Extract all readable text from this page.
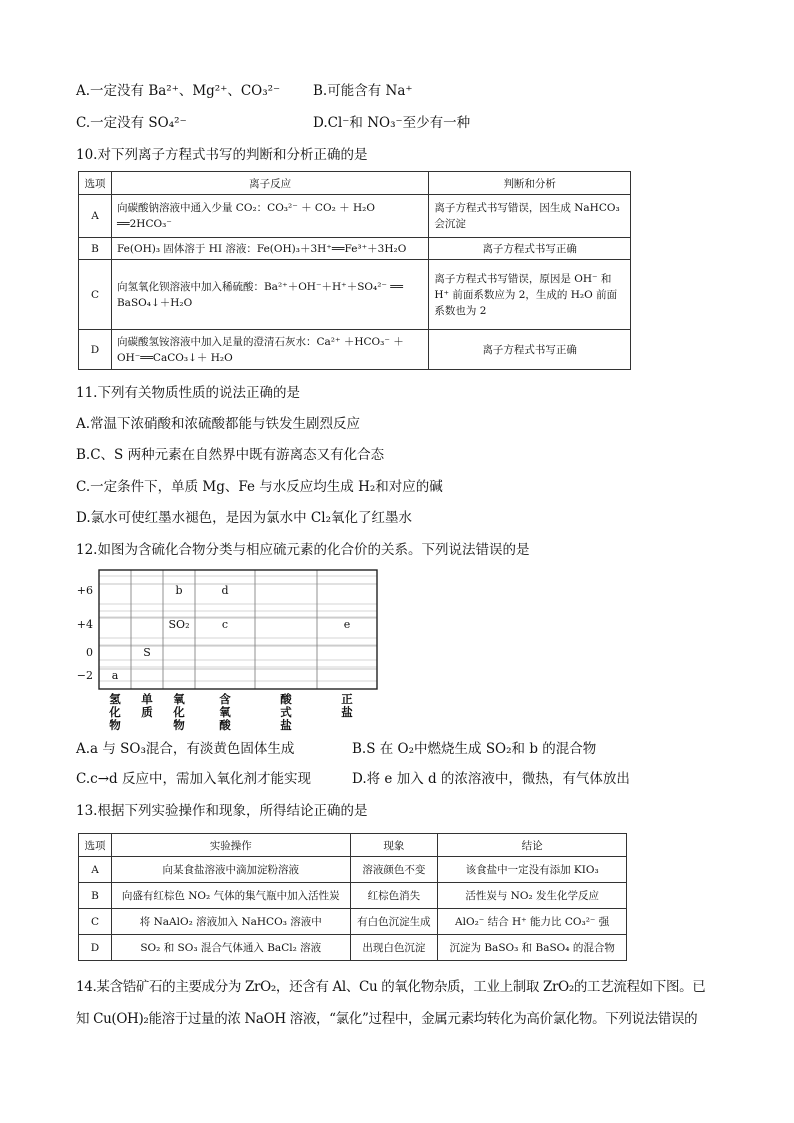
A.一定没有 Ba²⁺、Mg²⁺、CO₃²⁻ B.可能含有 Na⁺
C.一定没有 SO₄²⁻	D.Cl⁻和 NO₃⁻至少有一种
10.对下列离子方程式书写的判断和分析正确的是
选项	离子反应	判断和分析
A	向碳酸钠溶液中通入少量 CO₂：CO₃²⁻ ＋ CO₂ ＋ H₂O ══2HCO₃⁻	离子方程式书写错误，因生成 NaHCO₃ 会沉淀
B	Fe(OH)₃ 固体溶于 HI 溶液：Fe(OH)₃＋3H⁺══Fe³⁺＋3H₂O	离子方程式书写正确
C	向氢氧化钡溶液中加入稀硫酸：Ba²⁺＋OH⁻＋H⁺＋SO₄²⁻ ══ BaSO₄↓＋H₂O	离子方程式书写错误，原因是 OH⁻ 和 H⁺ 前面系数应为 2，生成的 H₂O 前面系数也为 2
D	向碳酸氢铵溶液中加入足量的澄清石灰水：Ca²⁺ ＋HCO₃⁻ ＋OH⁻══CaCO₃↓＋ H₂O	离子方程式书写正确
11.下列有关物质性质的说法正确的是
A.常温下浓硝酸和浓硫酸都能与铁发生剧烈反应
B.C、S 两种元素在自然界中既有游离态又有化合态
C.一定条件下，单质 Mg、Fe 与水反应均生成 H₂和对应的碱
D.氯水可使红墨水褪色，是因为氯水中 Cl₂氧化了红墨水
12.如图为含硫化合物分类与相应硫元素的化合价的关系。下列说法错误的是
+6
+4
0
−2
氢
化
物
单
质
氧
化
物
含
氧
酸
酸
式
盐
正
盐
b	d
SO₂	c	e
S
a
A.a 与 SO₃混合，有淡黄色固体生成	B.S 在 O₂中燃烧生成 SO₂和 b 的混合物
C.c→d 反应中，需加入氧化剂才能实现	D.将 e 加入 d 的浓溶液中，微热，有气体放出
13.根据下列实验操作和现象，所得结论正确的是
选项	实验操作	现象	结论
A	向某食盐溶液中滴加淀粉溶液	溶液颜色不变	该食盐中一定没有添加 KIO₃
B	向盛有红棕色 NO₂ 气体的集气瓶中加入活性炭	红棕色消失	活性炭与 NO₂ 发生化学反应
C	将 NaAlO₂ 溶液加入 NaHCO₃ 溶液中	有白色沉淀生成	AlO₂⁻ 结合 H⁺ 能力比 CO₃²⁻ 强
D	SO₂ 和 SO₃ 混合气体通入 BaCl₂ 溶液	出现白色沉淀	沉淀为 BaSO₃ 和 BaSO₄ 的混合物
14.某含锆矿石的主要成分为 ZrO₂，还含有 Al、Cu 的氧化物杂质，工业上制取 ZrO₂的工艺流程如下图。已
知 Cu(OH)₂能溶于过量的浓 NaOH 溶液，“氯化”过程中，金属元素均转化为高价氯化物。下列说法错误的
